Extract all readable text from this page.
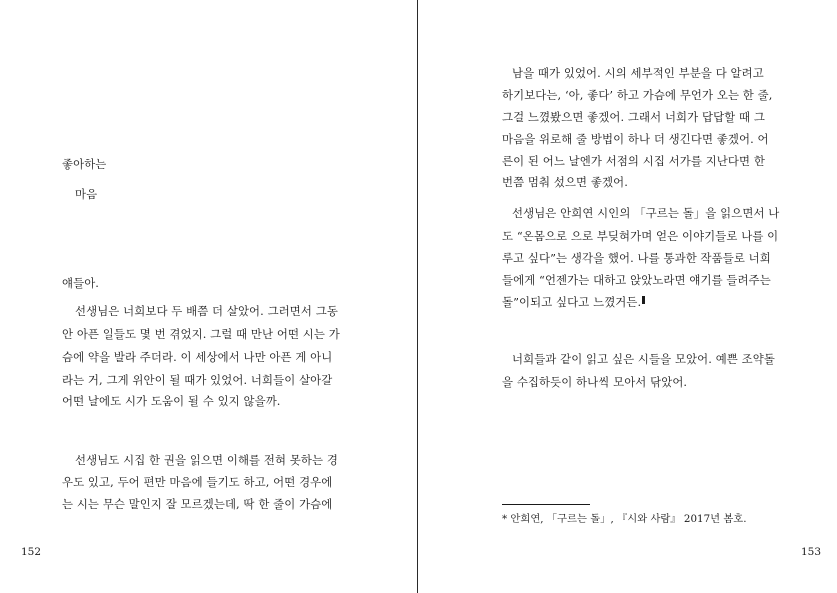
좋아하는
마음
얘들아.
선생님은 너희보다 두 배쯤 더 살았어. 그러면서 그동
안 아픈 일들도 몇 번 겪었지. 그럴 때 만난 어떤 시는 가
슴에 약을 발라 주더라. 이 세상에서 나만 아픈 게 아니
라는 거, 그게 위안이 될 때가 있었어. 너희들이 살아갈
어떤 날에도 시가 도움이 될 수 있지 않을까.
선생님도 시집 한 권을 읽으면 이해를 전혀 못하는 경
우도 있고, 두어 편만 마음에 들기도 하고, 어떤 경우에
는 시는 무슨 말인지 잘 모르겠는데, 딱 한 줄이 가슴에
152
남을 때가 있었어. 시의 세부적인 부분을 다 알려고
하기보다는, ‘아, 좋다’ 하고 가슴에 무언가 오는 한 줄,
그걸 느꼈봤으면 좋겠어. 그래서 너희가 답답할 때 그
마음을 위로해 줄 방법이 하나 더 생긴다면 좋겠어. 어
른이 된 어느 날엔가 서점의 시집 서가를 지난다면 한
번쯤 멈춰 섰으면 좋겠어.
선생님은 안희연 시인의 「구르는 돌」을 읽으면서 나
도 “온몸으로 으로 부딪혀가며 얻은 이야기들로 나를 이
루고 싶다”는 생각을 했어. 나를 통과한 작품들로 너희
들에게 “언젠가는 대하고 앉았노라면 얘기를 들려주는
돌”이되고 싶다고 느꼈거든.
너희들과 같이 읽고 싶은 시들을 모았어. 예쁜 조약돌
을 수집하듯이 하나씩 모아서 닦았어.
* 안희연, 「구르는 돌」, 『시와 사람』 2017년 봄호.
153
